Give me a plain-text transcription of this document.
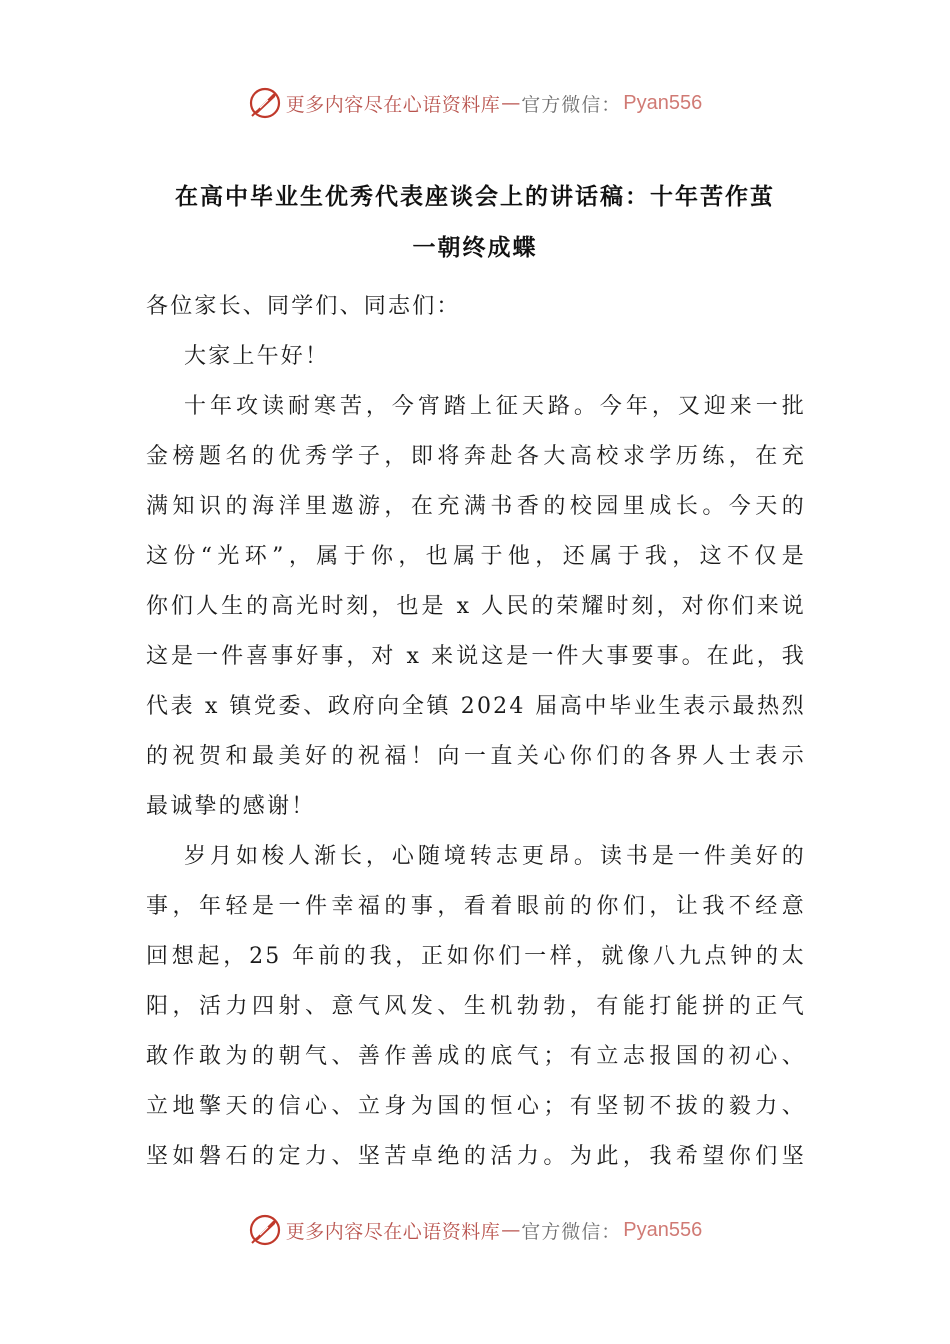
更多内容尽在心语资料库 — 官方微信： Pyan556
在高中毕业生优秀代表座谈会上的讲话稿：十年苦作茧
一朝终成蝶
各位家长、同学们、同志们：
大家上午好！
十年攻读耐寒苦，今宵踏上征天路。今年，又迎来一批
金榜题名的优秀学子，即将奔赴各大高校求学历练，在充
满知识的海洋里遨游，在充满书香的校园里成长。今天的
这份“光环”，属于你，也属于他，还属于我，这不仅是
你们人生的高光时刻，也是 x 人民的荣耀时刻，对你们来说
这是一件喜事好事，对 x 来说这是一件大事要事。在此，我
代表 x 镇党委、政府向全镇 2024 届高中毕业生表示最热烈
的祝贺和最美好的祝福！向一直关心你们的各界人士表示
最诚挚的感谢！
岁月如梭人渐长，心随境转志更昂。读书是一件美好的
事，年轻是一件幸福的事，看着眼前的你们，让我不经意
回想起，25 年前的我，正如你们一样，就像八九点钟的太
阳，活力四射、意气风发、生机勃勃，有能打能拼的正气
敢作敢为的朝气、善作善成的底气；有立志报国的初心、
立地擎天的信心、立身为国的恒心；有坚韧不拔的毅力、
坚如磐石的定力、坚苦卓绝的活力。为此，我希望你们坚
更多内容尽在心语资料库 — 官方微信： Pyan556
